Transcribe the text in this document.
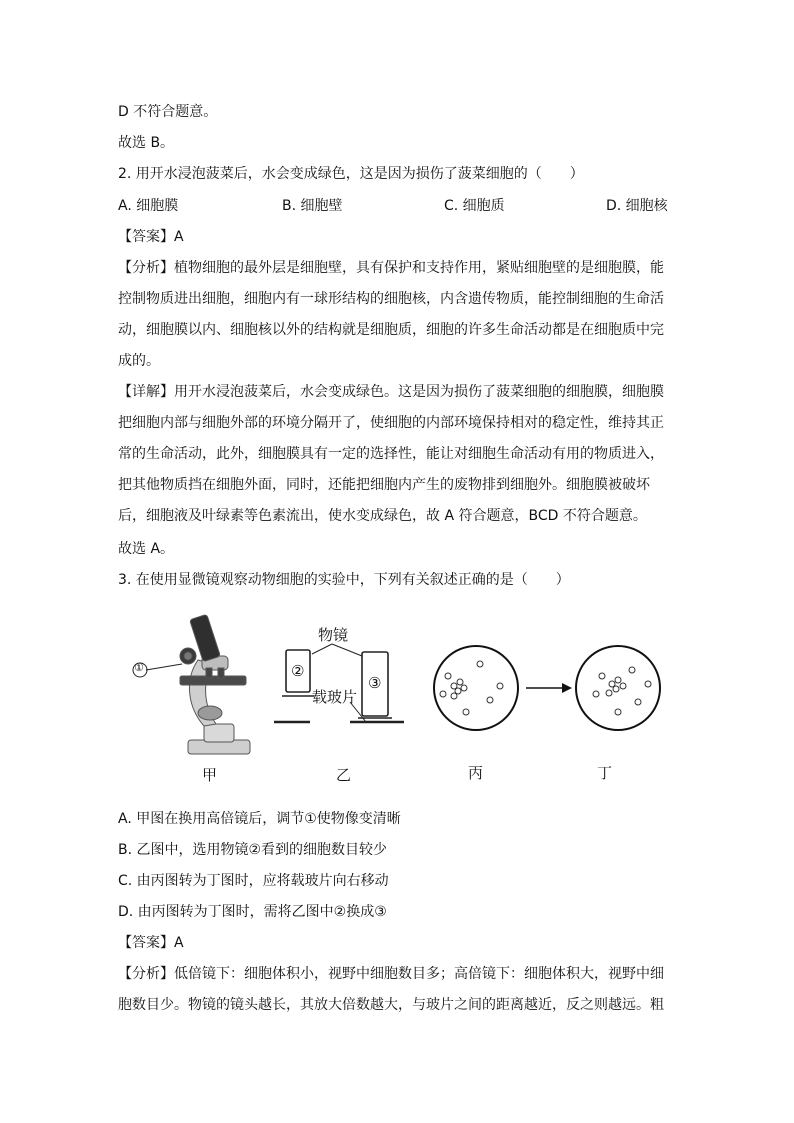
D 不符合题意。
故选 B。
2. 用开水浸泡菠菜后，水会变成绿色，这是因为损伤了菠菜细胞的（　　）
A. 细胞膜	B. 细胞壁	C. 细胞质	D. 细胞核
【答案】A
【分析】植物细胞的最外层是细胞壁，具有保护和支持作用，紧贴细胞壁的是细胞膜，能
控制物质进出细胞，细胞内有一球形结构的细胞核，内含遗传物质，能控制细胞的生命活
动，细胞膜以内、细胞核以外的结构就是细胞质，细胞的许多生命活动都是在细胞质中完
成的。
【详解】用开水浸泡菠菜后，水会变成绿色。这是因为损伤了菠菜细胞的细胞膜，细胞膜
把细胞内部与细胞外部的环境分隔开了，使细胞的内部环境保持相对的稳定性，维持其正
常的生命活动，此外，细胞膜具有一定的选择性，能让对细胞生命活动有用的物质进入，
把其他物质挡在细胞外面，同时，还能把细胞内产生的废物排到细胞外。细胞膜被破坏
后，细胞液及叶绿素等色素流出，使水变成绿色，故 A 符合题意，BCD 不符合题意。
故选 A。
3. 在使用显微镜观察动物细胞的实验中，下列有关叙述正确的是（　　）
①	②
③
物镜
载玻片
甲	乙	丙	丁
A. 甲图在换用高倍镜后，调节①使物像变清晰
B. 乙图中，选用物镜②看到的细胞数目较少
C. 由丙图转为丁图时，应将载玻片向右移动
D. 由丙图转为丁图时，需将乙图中②换成③
【答案】A
【分析】低倍镜下：细胞体积小，视野中细胞数目多；高倍镜下：细胞体积大，视野中细
胞数目少。物镜的镜头越长，其放大倍数越大，与玻片之间的距离越近，反之则越远。粗
